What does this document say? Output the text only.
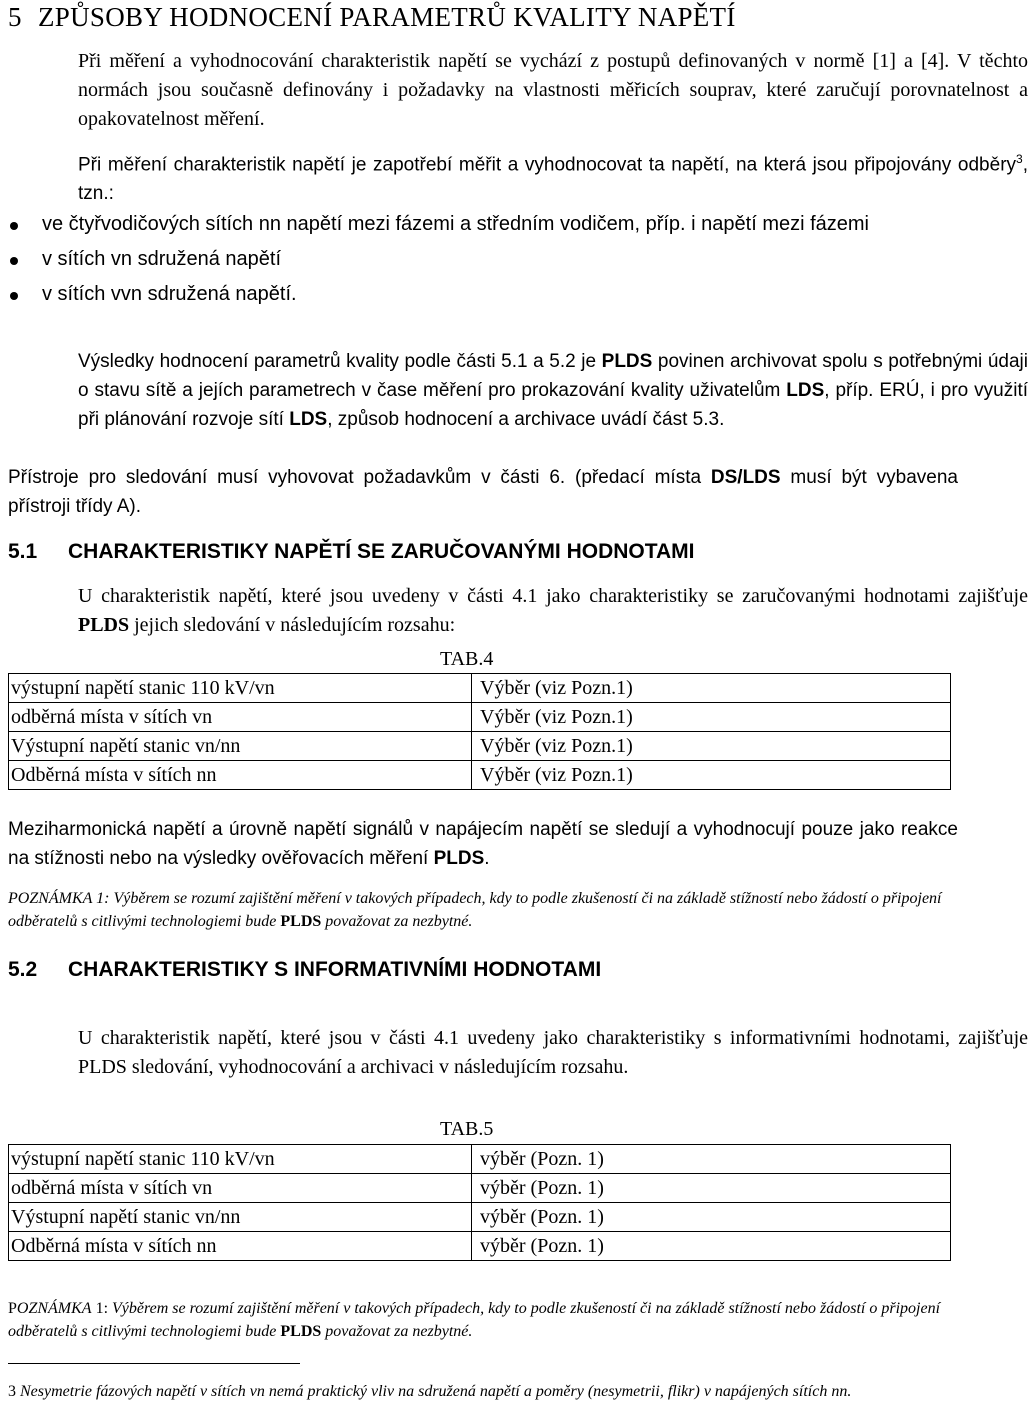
5 ZPŮSOBY HODNOCENÍ PARAMETRŮ KVALITY NAPĚTÍ
Při měření a vyhodnocování charakteristik napětí se vychází z postupů definovaných v normě [1] a [4]. V těchto normách jsou současně definovány i požadavky na vlastnosti měřicích souprav, které zaručují porovnatelnost a opakovatelnost měření.
Při měření charakteristik napětí je zapotřebí měřit a vyhodnocovat ta napětí, na která jsou připojovány odběry$^3$, tzn.:
ve čtyřvodičových sítích nn napětí mezi fázemi a středním vodičem, příp. i napětí mezi fázemi
v sítích vn sdružená napětí
v sítích vvn sdružená napětí.
Výsledky hodnocení parametrů kvality podle části 5.1 a 5.2 je PLDS povinen archivovat spolu s potřebnými údaji o stavu sítě a jejích parametrech v čase měření pro prokazování kvality uživatelům LDS, příp. ERÚ, i pro využití při plánování rozvoje sítí LDS, způsob hodnocení a archivace uvádí část 5.3.
Přístroje pro sledování musí vyhovovat požadavkům v části 6. (předací místa DS/LDS musí být vybavena přístroji třídy A).
5.1 CHARAKTERISTIKY NAPĚTÍ SE ZARUČOVANÝMI HODNOTAMI
U charakteristik napětí, které jsou uvedeny v části 4.1 jako charakteristiky se zaručovanými hodnotami zajišťuje PLDS jejich sledování v následujícím rozsahu:
TAB.4
výstupní napětí stanic 110 kV/vn	Výběr (viz Pozn.1)
odběrná místa v sítích vn	Výběr (viz Pozn.1)
Výstupní napětí stanic vn/nn	Výběr (viz Pozn.1)
Odběrná místa v sítích nn	Výběr (viz Pozn.1)
Meziharmonická napětí a úrovně napětí signálů v napájecím napětí se sledují a vyhodnocují pouze jako reakce na stížnosti nebo na výsledky ověřovacích měření PLDS.
POZNÁMKA 1: Výběrem se rozumí zajištění měření v takových případech, kdy to podle zkušeností či na základě stížností nebo žádostí o připojení odběratelů s citlivými technologiemi bude PLDS považovat za nezbytné.
5.2 CHARAKTERISTIKY S INFORMATIVNÍMI HODNOTAMI
U charakteristik napětí, které jsou v části 4.1 uvedeny jako charakteristiky s informativními hodnotami, zajišťuje PLDS sledování, vyhodnocování a archivaci v následujícím rozsahu.
TAB.5
výstupní napětí stanic 110 kV/vn	výběr (Pozn. 1)
odběrná místa v sítích vn	výběr (Pozn. 1)
Výstupní napětí stanic vn/nn	výběr (Pozn. 1)
Odběrná místa v sítích nn	výběr (Pozn. 1)
POZNÁMKA 1: Výběrem se rozumí zajištění měření v takových případech, kdy to podle zkušeností či na základě stížností nebo žádostí o připojení odběratelů s citlivými technologiemi bude PLDS považovat za nezbytné.
3 Nesymetrie fázových napětí v sítích vn nemá praktický vliv na sdružená napětí a poměry (nesymetrii, flikr) v napájených sítích nn.
